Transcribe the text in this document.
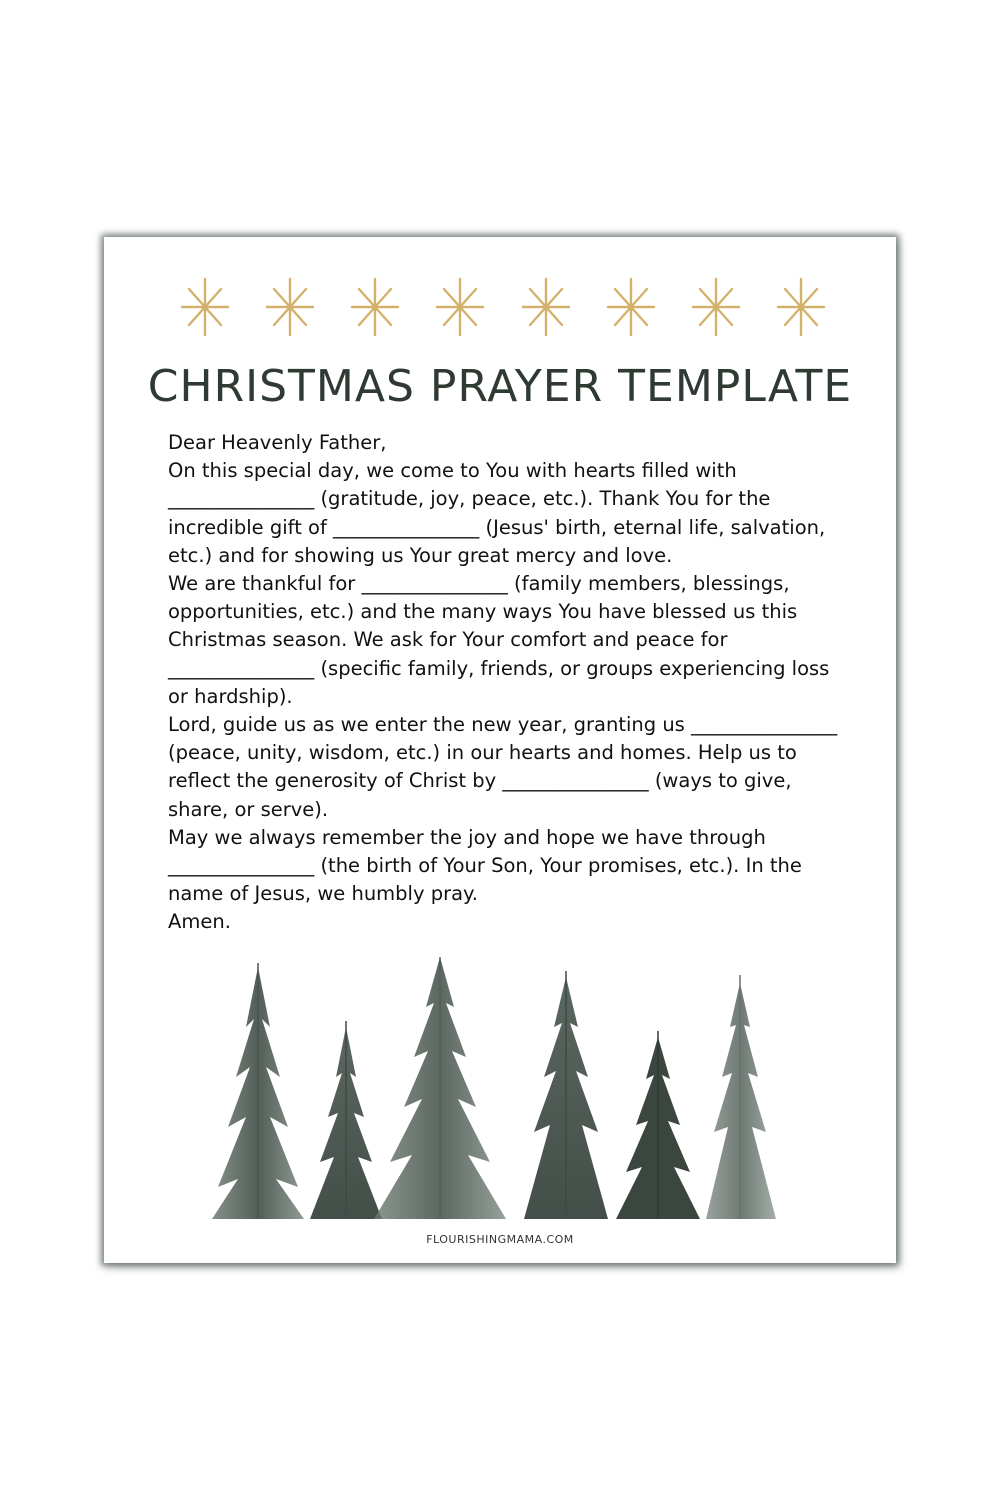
CHRISTMAS PRAYER TEMPLATE

Dear Heavenly Father,

On this special day, we come to You with hearts filled with _______________ (gratitude, joy, peace, etc.). Thank You for the incredible gift of _______________ (Jesus' birth, eternal life, salvation, etc.) and for showing us Your great mercy and love.

We are thankful for _______________ (family members, blessings, opportunities, etc.) and the many ways You have blessed us this Christmas season. We ask for Your comfort and peace for _______________ (specific family, friends, or groups experiencing loss or hardship).

Lord, guide us as we enter the new year, granting us _______________ (peace, unity, wisdom, etc.) in our hearts and homes. Help us to reflect the generosity of Christ by _______________ (ways to give, share, or serve).

May we always remember the joy and hope we have through _______________ (the birth of Your Son, Your promises, etc.). In the name of Jesus, we humbly pray.

Amen.

FLOURISHINGMAMA.COM
